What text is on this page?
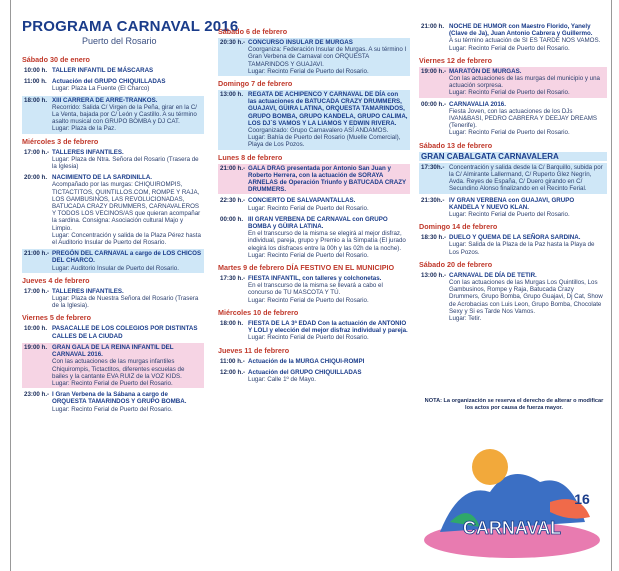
PROGRAMA CARNAVAL 2016
Puerto del Rosario
Sábado 30 de enero
10:00 h. TALLER INFANTIL DE MÁSCARAS
11:00 h. Actuación del GRUPO CHIQUILLADAS
Lugar: Plaza La Fuente (El Charco)
18:00 h. XIII CARRERA DE ARRE-TRANKOS.
Recorrido: Salida C/ Virgen de la Peña, girar en la C/ La Venta, bajada por C/ León y Castillo. A su término asalto musical con GRUPO BOMBA y DJ CAT.
Lugar: Plaza de la Paz.
Miércoles 3 de febrero
17:00 h.- TALLERES INFANTILES.
Lugar: Plaza de Ntra. Señora del Rosario (Trasera de la Iglesia)
20:00 h. NACIMIENTO DE LA SARDINILLA.
Acompañado por las murgas: CHIQUIROMPIS, TICTACTITOS, QUINTILLOS.COM, ROMPE Y RAJA, LOS GAMBUSINOS, LAS REVOLUCIONADAS, BATUCADA CRAZY DRUMMERS, CARNAVALEROS Y TODOS LOS VECINOS/AS que quieran acompañar la sardina. Consigna: Asociación cultural Majo y Limpio.
Lugar: Concentración y salida de la Plaza Pérez hasta el Auditorio Insular de Puerto del Rosario.
21:00 h.- PREGÓN DEL CARNAVAL a cargo de LOS CHICOS DEL CHARCO.
Lugar: Auditorio Insular de Puerto del Rosario.
Jueves 4 de febrero
17:00 h.- TALLERES INFANTILES.
Lugar: Plaza de Nuestra Señora del Rosario (Trasera de la Iglesia).
Viernes 5 de febrero
10:00 h. PASACALLE DE LOS COLEGIOS POR DISTINTAS CALLES DE LA CIUDAD
19:00 h. GRAN GALA DE LA REINA INFANTIL DEL CARNAVAL 2016.
Con las actuaciones de las murgas infantiles Chiquirompis, Tictactitos, diferentes escuelas de bailes y la cantante EVA RUIZ de la VOZ KIDS.
Lugar: Recinto Ferial de Puerto del Rosario.
23:00 h.- I Gran Verbena de la Sábana a cargo de ORQUESTA TAMARINDOS Y GRUPO BOMBA.
Lugar: Recinto Ferial de Puerto del Rosario.
Sábado 6 de febrero
20:30 h.- CONCURSO INSULAR DE MURGAS
Coorganiza: Federación Insular de Murgas. A su término I Gran Verbena de Carnaval con ORQUESTA TAMARINDOS Y GUAJAVI.
Lugar: Recinto Ferial de Puerto del Rosario.
Domingo 7 de febrero
13:00 h. REGATA DE ACHIPENCO Y CARNAVAL DE DÍA con las actuaciones de BATUCADA CRAZY DRUMMERS, GUAJAVI, GÜIRA LATINA, ORQUESTA TAMARINDOS, GRUPO BOMBA, GRUPO KANDELA, GRUPO CALIMA, LOS DJ´S VAMOS Y LA LIAMOS Y EDWIN RIVERA.
Coorganizado: Grupo Carnavalero ASÍ ANDAMOS.
Lugar: Bahía de Puerto del Rosario (Muelle Comercial), Playa de Los Pozos.
Lunes 8 de febrero
21:00 h.- GALA DRAG presentada por Antonio San Juan y Roberto Herrera, con la actuación de SORAYA ARNELAS de Operación Triunfo y BATUCADA CRAZY DRUMMERS.
22:30 h.- CONCIERTO DE SALVAPANTALLAS.
Lugar: Recinto Ferial de Puerto del Rosario.
00:00 h. III GRAN VERBENA DE CARNAVAL con GRUPO BOMBA y GÜIRA LATINA.
En el transcurso de la misma se elegirá al mejor disfraz, individual, pareja, grupo y Premio a la Simpatía (El jurado elegirá los disfraces entre la 00h y las 02h de la noche).
Lugar: Recinto Ferial de Puerto del Rosario.
Martes 9 de febrero DÍA FESTIVO EN EL MUNICIPIO
17:30 h.- FIESTA INFANTIL, con talleres y colchonetas.
En el transcurso de la misma se llevará a cabo el concurso de TU MASCOTA Y TÚ.
Lugar: Recinto Ferial de Puerto del Rosario.
Miércoles 10 de febrero
18:00 h. FIESTA DE LA 3ª EDAD Con la actuación de ANTONIO Y LOLI y elección del mejor disfraz individual y pareja.
Lugar: Recinto Ferial de Puerto del Rosario.
Jueves 11 de febrero
11:00 h.- Actuación de la MURGA CHIQUI-ROMPI
12:00 h.- Actuación del GRUPO CHIQUILLADAS
Lugar: Calle 1º de Mayo.
21:00 h. NOCHE DE HUMOR con Maestro Florido, Yanely (Clave de Ja), Juan Antonio Cabrera y Guillermo.
A su término actuación de SI ES TARDE NOS VAMOS.
Lugar: Recinto Ferial de Puerto del Rosario.
Viernes 12 de febrero
19:00 h.- MARATÓN DE MURGAS.
Con las actuaciones de las murgas del municipio y una actuación sorpresa.
Lugar: Recinto Ferial de Puerto del Rosario.
00:00 h.- CARNAVALIA 2016.
Fiesta Joven, con las actuaciones de los DJs IVAN&BASI, PEDRO CABRERA Y DEEJAY DREAMS (Tenerife).
Lugar: Recinto Ferial de Puerto del Rosario.
Sábado 13 de febrero
GRAN CABALGATA CARNAVALERA
17:30h.- Concentración y salida desde la C/ Barquillo, subida por la C/ Almirante Lallermand, C/ Ruperto Glez Negrín, Avda. Reyes de España, C/ Duero girando en C/ Secundino Alonso finalizando en el Recinto Ferial.
21:30h.- IV GRAN VERBENA con GUAJAVI, GRUPO KANDELA Y NUEVO KLAN.
Lugar: Recinto Ferial de Puerto del Rosario.
Domingo 14 de febrero
18:30 h.- DUELO Y QUEMA DE LA SEÑORA SARDINA.
Lugar: Salida de la Plaza de la Paz hasta la Playa de Los Pozos.
Sábado 20 de febrero
13:00 h.- CARNAVAL DE DÍA DE TETIR.
Con las actuaciones de las Murgas Los Quintillos, Los Gambusinos, Rompe y Raja, Batucada Crazy Drummers, Grupo Bomba, Grupo Guajavi, Dj Cat, Show de Acrobacias con Luis Leon, Grupo Bomba, Chocolate Sexy y Si es Tarde Nos Vamos.
Lugar: Tetir.
NOTA: La organización se reserva el derecho de alterar o modificar los actos por causa de fuerza mayor.
CARNAVAL
16
